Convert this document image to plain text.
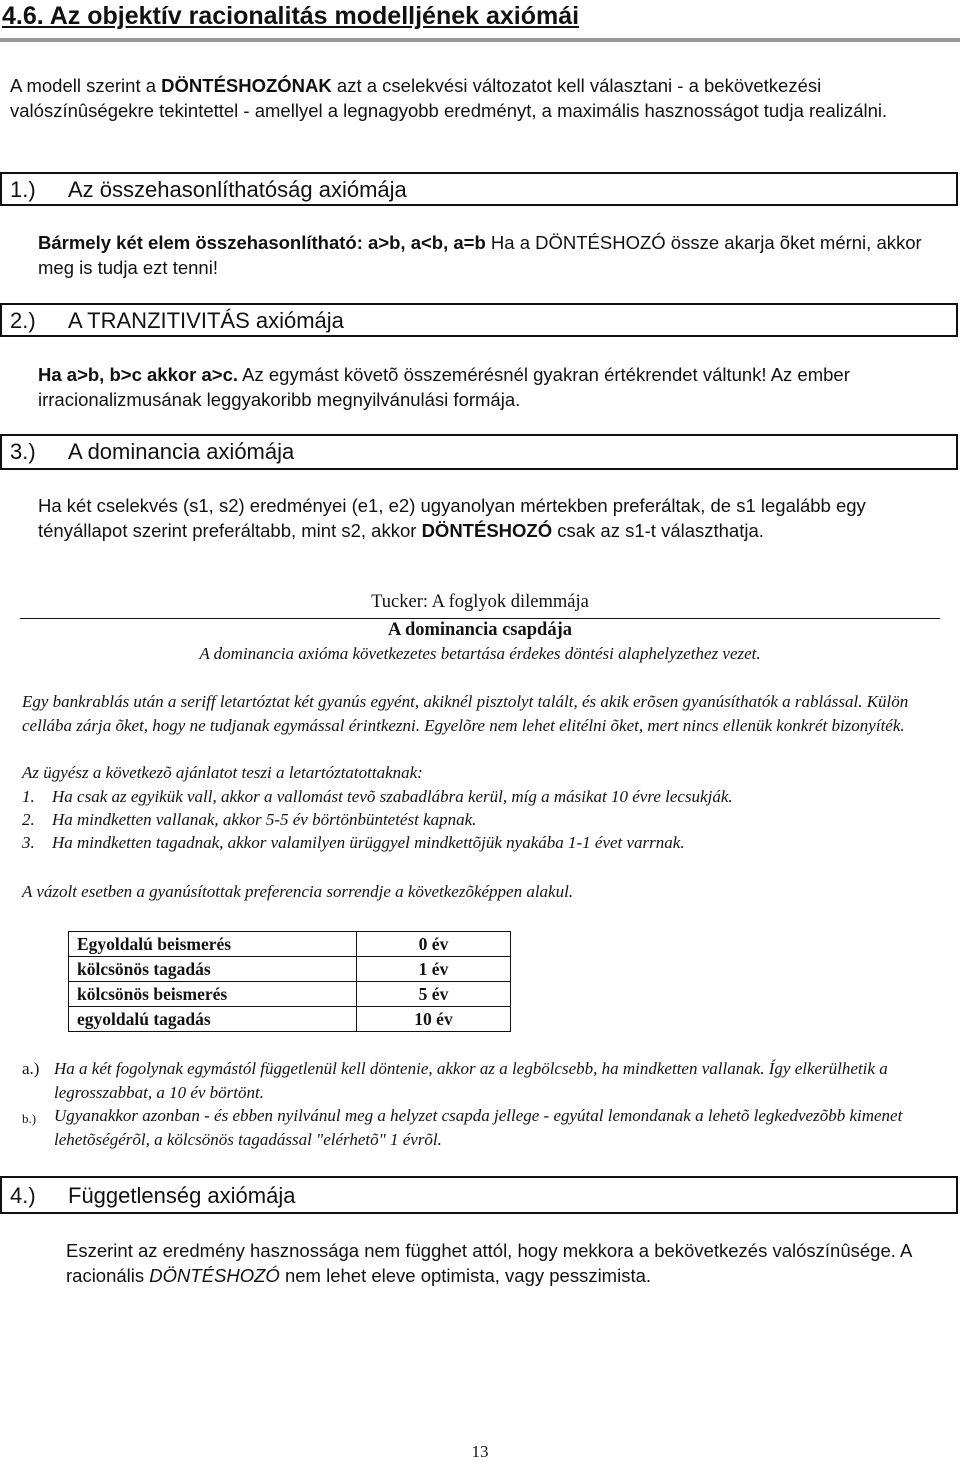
4.6. Az objektív racionalitás modelljének axiómái
A modell szerint a DÖNTÉSHOZÓNAK azt a cselekvési változatot kell választani - a bekövetkezési valószínûségekre tekintettel - amellyel a legnagyobb eredményt, a maximális hasznosságot tudja realizálni.
1.) Az összehasonlíthatóság axiómája
Bármely két elem összehasonlítható: a>b, a<b, a=b Ha a DÖNTÉSHOZÓ össze akarja õket mérni, akkor meg is tudja ezt tenni!
2.) A TRANZITIVITÁS axiómája
Ha a>b, b>c akkor a>c. Az egymást követõ összemérésnél gyakran értékrendet váltunk! Az ember irracionalizmusának leggyakoribb megnyilvánulási formája.
3.) A dominancia axiómája
Ha két cselekvés (s1, s2) eredményei (e1, e2) ugyanolyan mértekben preferáltak, de s1 legalább egy tényállapot szerint preferáltabb, mint s2, akkor DÖNTÉSHOZÓ csak az s1-t választhatja.
Tucker: A foglyok dilemmája
A dominancia csapdája
A dominancia axióma következetes betartása érdekes döntési alaphelyzethez vezet.
Egy bankrablás után a seriff letartóztat két gyanús egyént, akiknél pisztolyt talált, és akik erõsen gyanúsíthatók a rablással. Külön cellába zárja õket, hogy ne tudjanak egymással érintkezni. Egyelõre nem lehet elitélni õket, mert nincs ellenük konkrét bizonyíték.
Az ügyész a következõ ajánlatot teszi a letartóztatottaknak:
1. Ha csak az egyikük vall, akkor a vallomást tevõ szabadlábra kerül, míg a másikat 10 évre lecsukják.
2. Ha mindketten vallanak, akkor 5-5 év börtönbüntetést kapnak.
3. Ha mindketten tagadnak, akkor valamilyen ürüggyel mindkettõjük nyakába 1-1 évet varrnak.
A vázolt esetben a gyanúsítottak preferencia sorrendje a következõképpen alakul.
Egyoldalú beismerés	0 év
kölcsönös tagadás	1 év
kölcsönös beismerés	5 év
egyoldalú tagadás	10 év
a.) Ha a két fogolynak egymástól függetlenül kell döntenie, akkor az a legbölcsebb, ha mindketten vallanak. Így elkerülhetik a legrosszabbat, a 10 év börtönt.
b.) Ugyanakkor azonban - és ebben nyilvánul meg a helyzet csapda jellege - egyútal lemondanak a lehetõ legkedvezõbb kimenet lehetõségérõl, a kölcsönös tagadással "elérhetõ" 1 évrõl.
4.) Függetlenség axiómája
Eszerint az eredmény hasznossága nem függhet attól, hogy mekkora a bekövetkezés valószínûsége. A racionális DÖNTÉSHOZÓ nem lehet eleve optimista, vagy pesszimista.
13
